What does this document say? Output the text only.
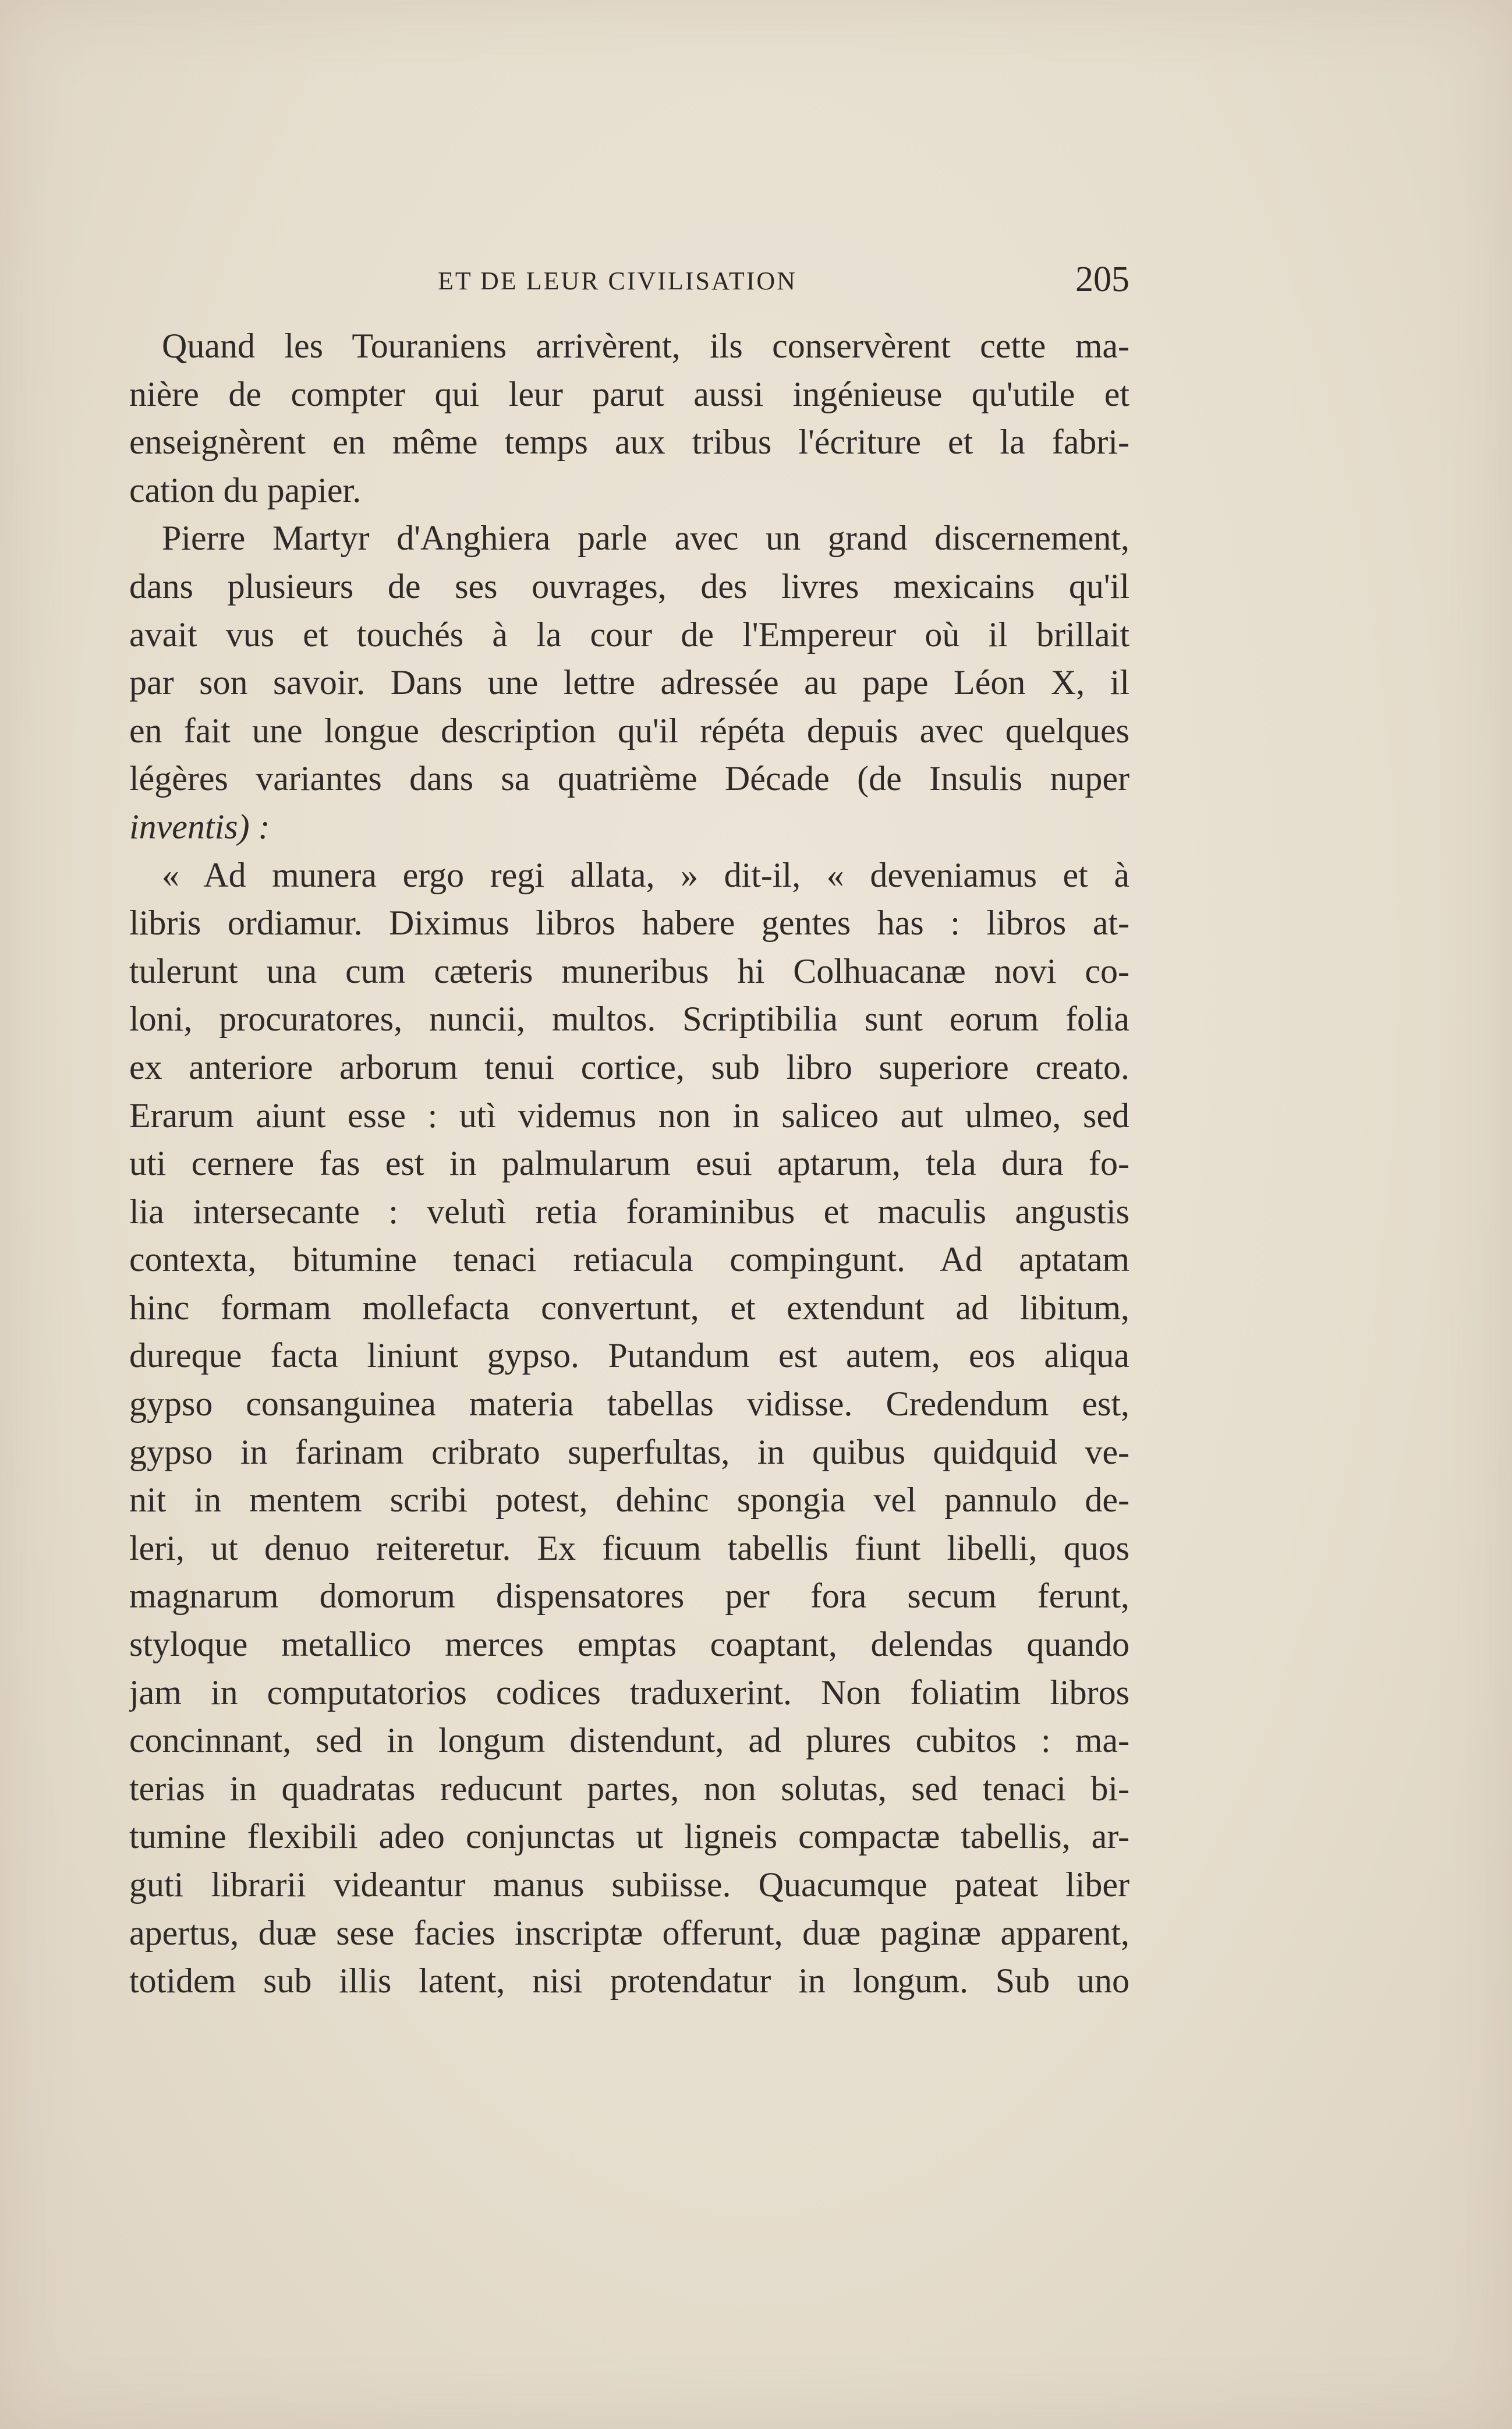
ET DE LEUR CIVILISATION	205
Quand les Touraniens arrivèrent, ils conservèrent cette ma-
nière de compter qui leur parut aussi ingénieuse qu'utile et
enseignèrent en même temps aux tribus l'écriture et la fabri-
cation du papier.
Pierre Martyr d'Anghiera parle avec un grand discernement,
dans plusieurs de ses ouvrages, des livres mexicains qu'il
avait vus et touchés à la cour de l'Empereur où il brillait
par son savoir. Dans une lettre adressée au pape Léon X, il
en fait une longue description qu'il répéta depuis avec quelques
légères variantes dans sa quatrième Décade (de Insulis nuper
inventis) :
« Ad munera ergo regi allata, » dit-il, « deveniamus et à
libris ordiamur. Diximus libros habere gentes has : libros at-
tulerunt una cum cæteris muneribus hi Colhuacanæ novi co-
loni, procuratores, nuncii, multos. Scriptibilia sunt eorum folia
ex anteriore arborum tenui cortice, sub libro superiore creato.
Erarum aiunt esse : utì videmus non in saliceo aut ulmeo, sed
uti cernere fas est in palmularum esui aptarum, tela dura fo-
lia intersecante : velutì retia foraminibus et maculis angustis
contexta, bitumine tenaci retiacula compingunt. Ad aptatam
hinc formam mollefacta convertunt, et extendunt ad libitum,
dureque facta liniunt gypso. Putandum est autem, eos aliqua
gypso consanguinea materia tabellas vidisse. Credendum est,
gypso in farinam cribrato superfultas, in quibus quidquid ve-
nit in mentem scribi potest, dehinc spongia vel pannulo de-
leri, ut denuo reiteretur. Ex ficuum tabellis fiunt libelli, quos
magnarum domorum dispensatores per fora secum ferunt,
styloque metallico merces emptas coaptant, delendas quando
jam in computatorios codices traduxerint. Non foliatim libros
concinnant, sed in longum distendunt, ad plures cubitos : ma-
terias in quadratas reducunt partes, non solutas, sed tenaci bi-
tumine flexibili adeo conjunctas ut ligneis compactæ tabellis, ar-
guti librarii videantur manus subiisse. Quacumque pateat liber
apertus, duæ sese facies inscriptæ offerunt, duæ paginæ apparent,
totidem sub illis latent, nisi protendatur in longum. Sub uno
